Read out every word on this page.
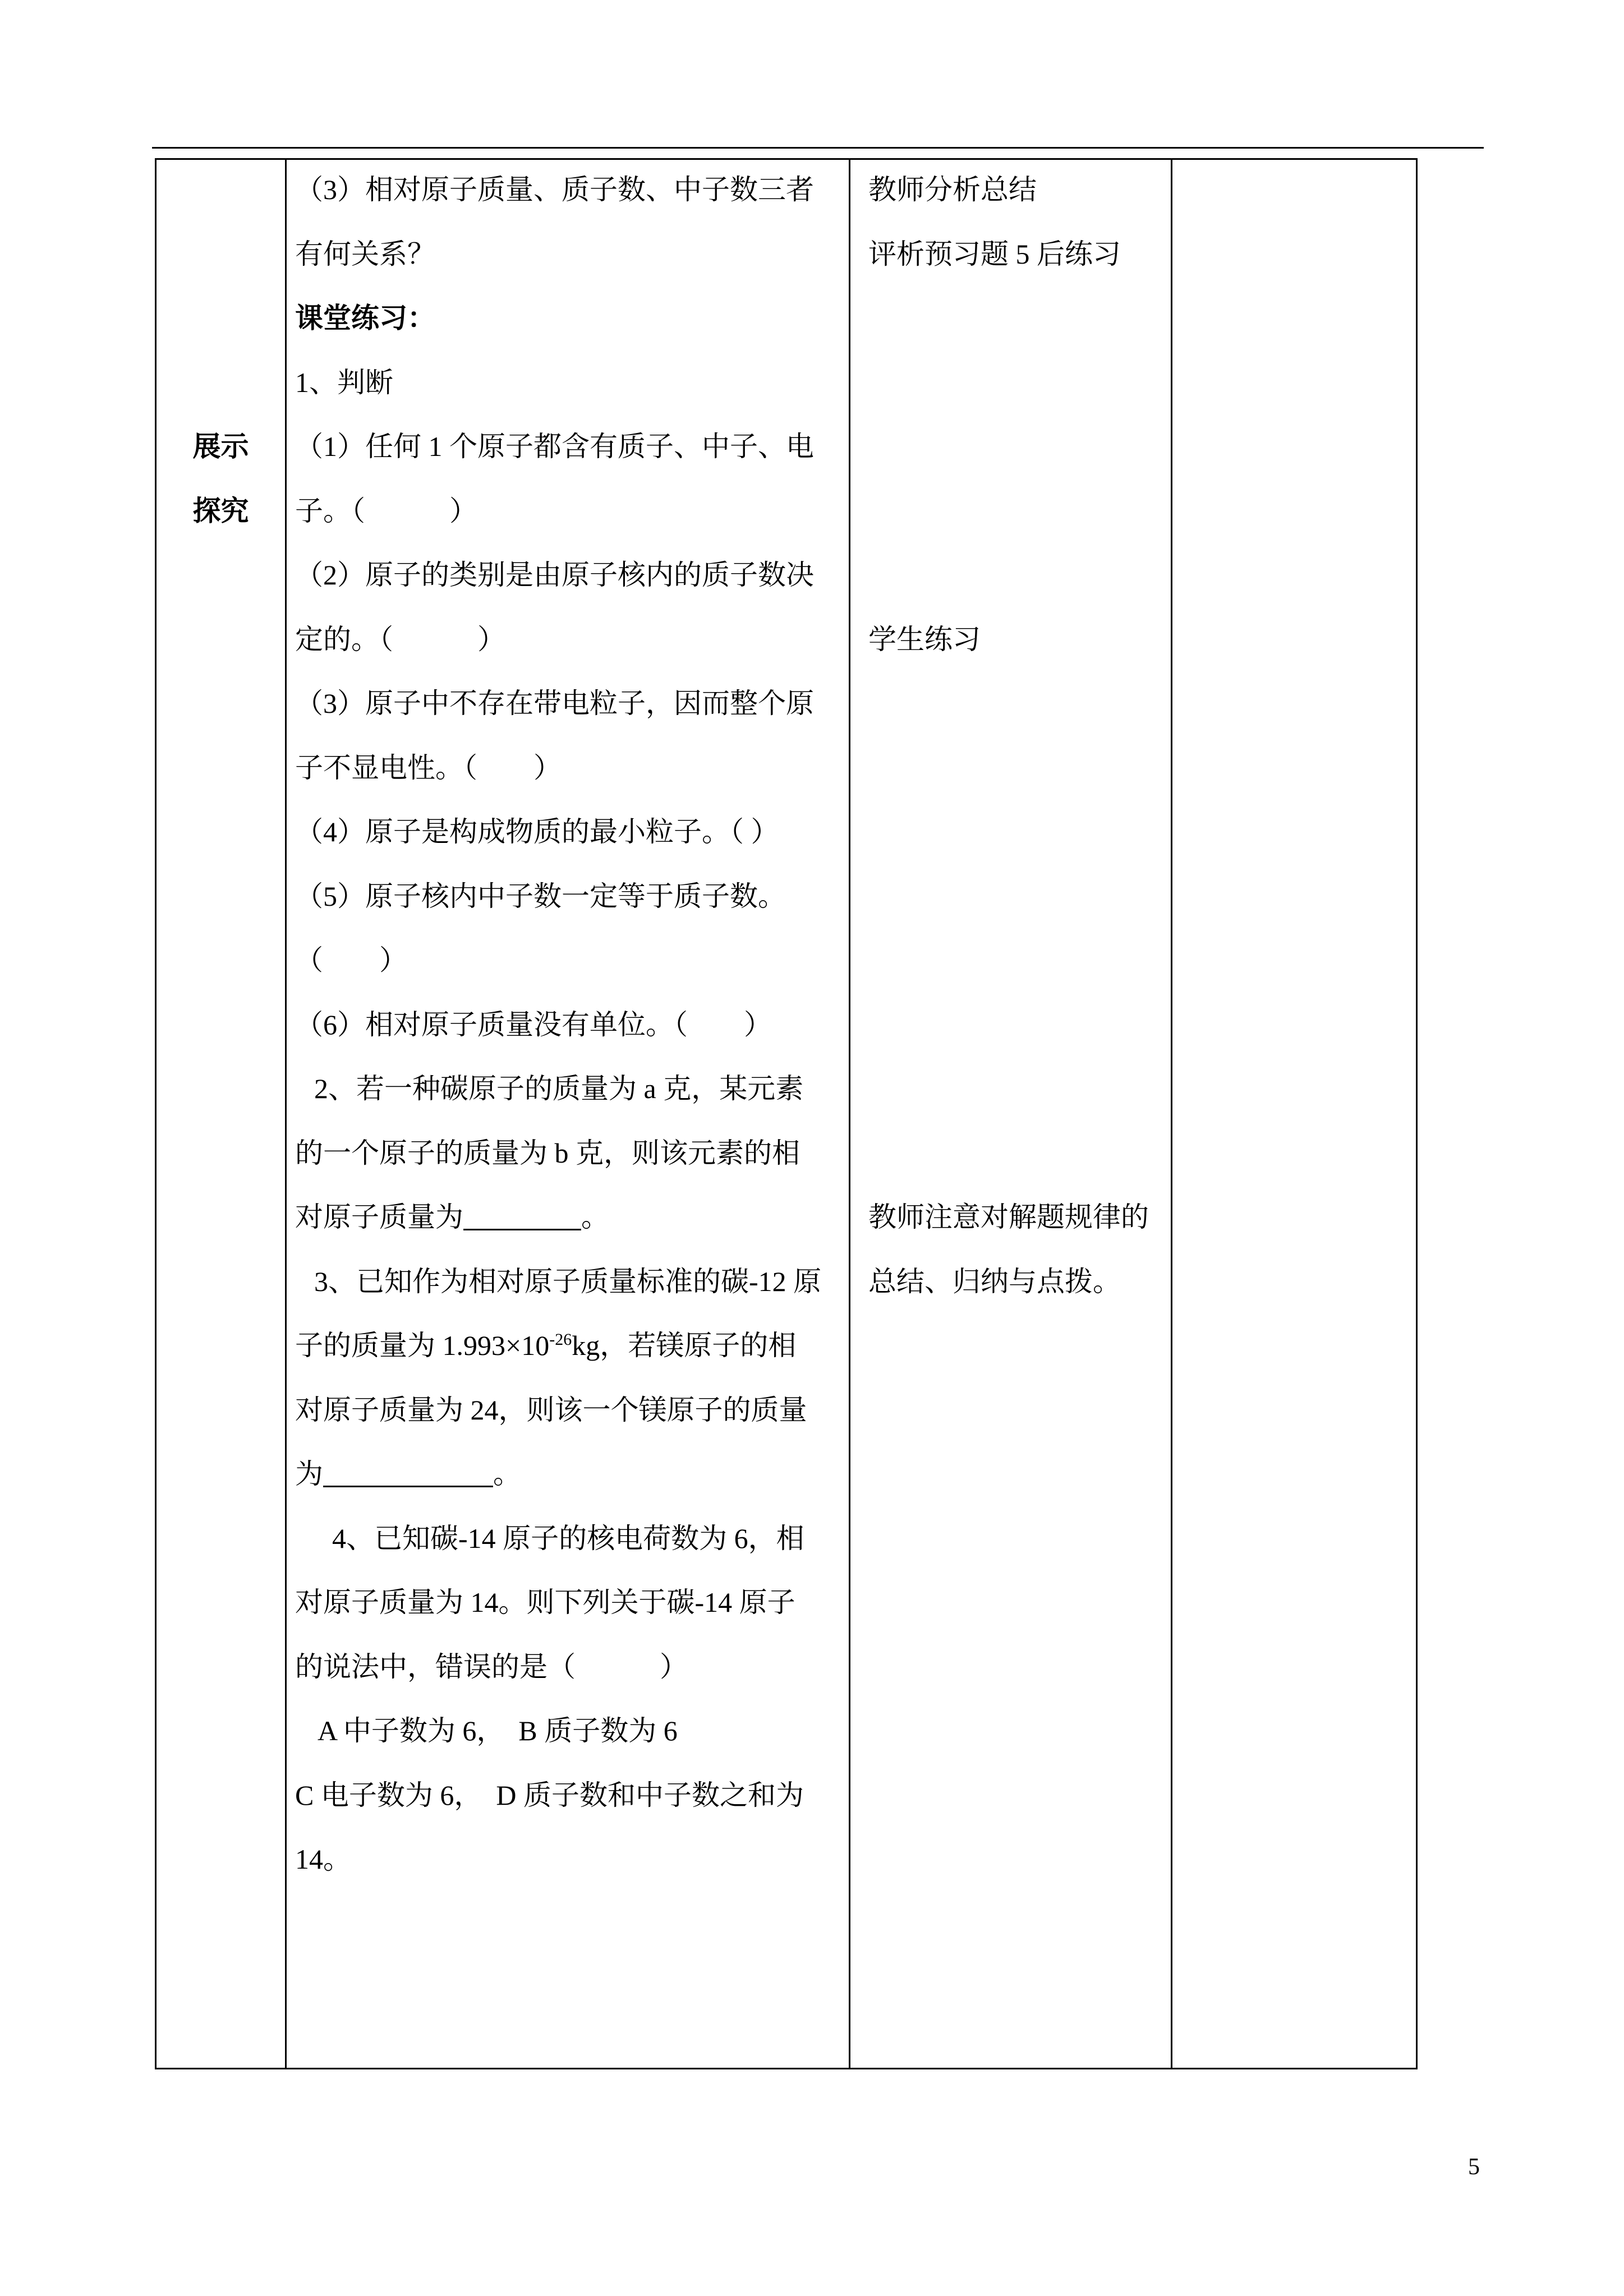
展示
探究
（3）相对原子质量、质子数、中子数三者
有何关系？
课堂练习：
1、判断
（1）任何 1 个原子都含有质子、中子、电
子。（　　　）
（2）原子的类别是由原子核内的质子数决
定的。（　　　）
（3）原子中不存在带电粒子，因而整个原
子不显电性。（　　）
（4）原子是构成物质的最小粒子。（ ）
（5）原子核内中子数一定等于质子数。
（　　）
（6）相对原子质量没有单位。（　　）
2、若一种碳原子的质量为 a 克，某元素
的一个原子的质量为 b 克，则该元素的相
对原子质量为	。
3、已知作为相对原子质量标准的碳-12 原
子的质量为 $1.993\times 10^{-26}kg$，若镁原子的相
对原子质量为 24，则该一个镁原子的质量
为	。
4、已知碳-14 原子的核电荷数为 6，相
对原子质量为 14。则下列关于碳-14 原子
的说法中，错误的是（　　　）
A 中子数为 6，  B 质子数为 6
C 电子数为 6，  D 质子数和中子数之和为
14。
教师分析总结
评析预习题 5 后练习
学生练习
教师注意对解题规律的
总结、归纳与点拨。
5
